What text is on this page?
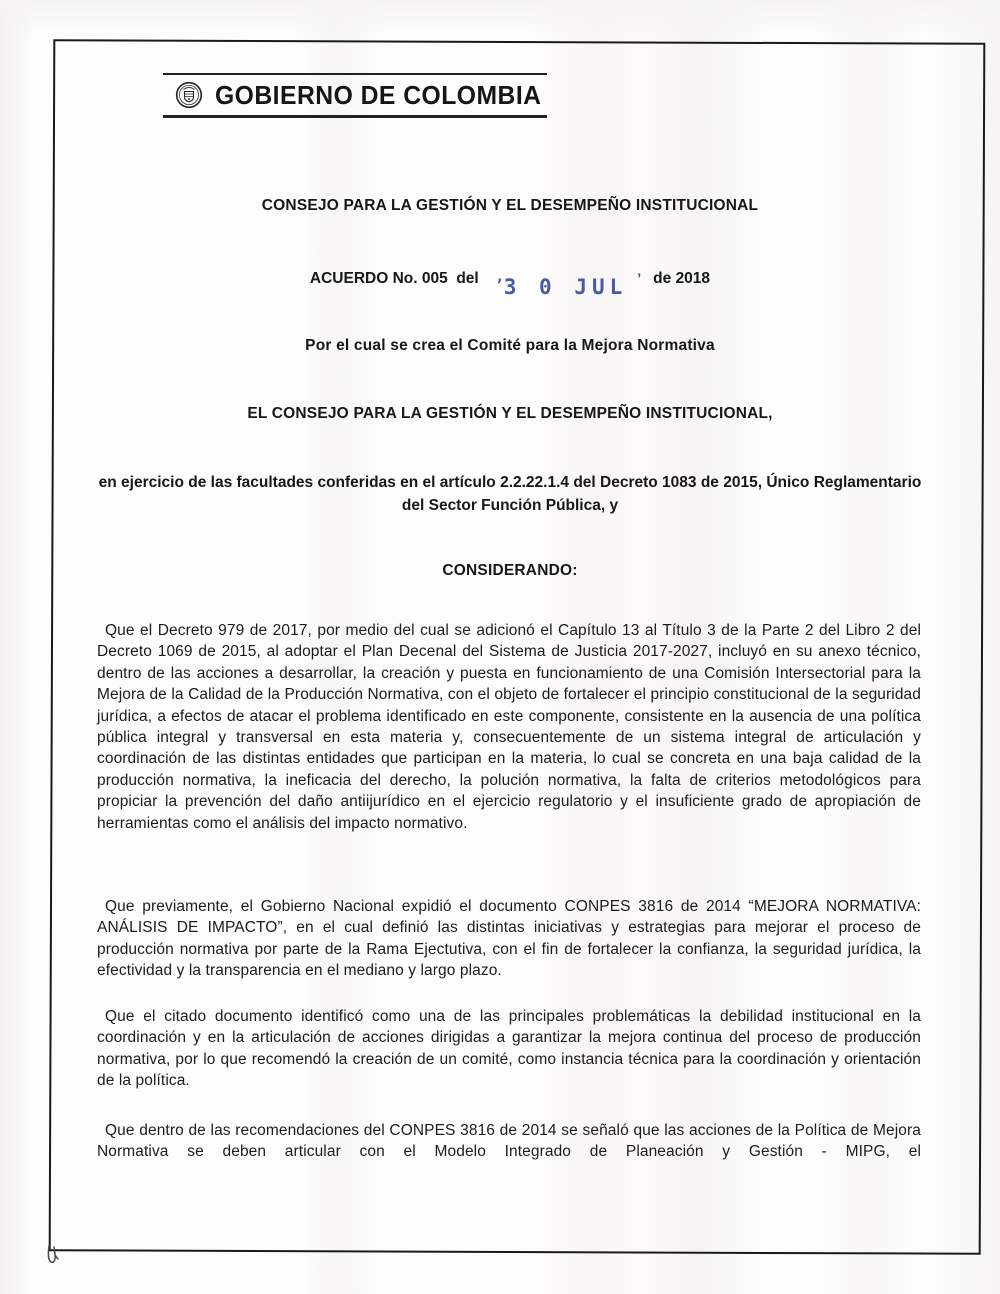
GOBIERNO DE COLOMBIA
CONSEJO PARA LA GESTIÓN Y EL DESEMPEÑO INSTITUCIONAL
ACUERDO No. 005  del ’3 0 JUL ’ de 2018
Por el cual se crea el Comité para la Mejora Normativa
EL CONSEJO PARA LA GESTIÓN Y EL DESEMPEÑO INSTITUCIONAL,
en ejercicio de las facultades conferidas en el artículo 2.2.22.1.4 del Decreto 1083 de 2015, Único Reglamentario del Sector Función Pública, y
CONSIDERANDO:

Que el Decreto 979 de 2017, por medio del cual se adicionó el Capítulo 13 al Título 3 de la Parte 2 del Libro 2 del Decreto 1069 de 2015, al adoptar el Plan Decenal del Sistema de Justicia 2017-2027, incluyó en su anexo técnico, dentro de las acciones a desarrollar, la creación y puesta en funcionamiento de una Comisión Intersectorial para la Mejora de la Calidad de la Producción Normativa, con el objeto de fortalecer el principio constitucional de la seguridad jurídica, a efectos de atacar el problema identificado en este componente, consistente en la ausencia de una política pública integral y transversal en esta materia y, consecuentemente de un sistema integral de articulación y coordinación de las distintas entidades que participan en la materia, lo cual se concreta en una baja calidad de la producción normativa, la ineficacia del derecho, la polución normativa, la falta de criterios metodológicos para propiciar la prevención del daño antiijurídico en el ejercicio regulatorio y el insuficiente grado de apropiación de herramientas como el análisis del impacto normativo.

Que previamente, el Gobierno Nacional expidió el documento CONPES 3816 de 2014 “MEJORA NORMATIVA: ANÁLISIS DE IMPACTO”, en el cual definió las distintas iniciativas y estrategias para mejorar el proceso de producción normativa por parte de la Rama Ejectutiva, con el fin de fortalecer la confianza, la seguridad jurídica, la efectividad y la transparencia en el mediano y largo plazo.

Que el citado documento identificó como una de las principales problemáticas la debilidad institucional en la coordinación y en la articulación de acciones dirigidas a garantizar la mejora continua del proceso de producción normativa, por lo que recomendó la creación de un comité, como instancia técnica para la coordinación y orientación de la política.

Que dentro de las recomendaciones del CONPES 3816 de 2014 se señaló que las acciones de la Política de Mejora Normativa se deben articular con el Modelo Integrado de Planeación y Gestión - MIPG, el
